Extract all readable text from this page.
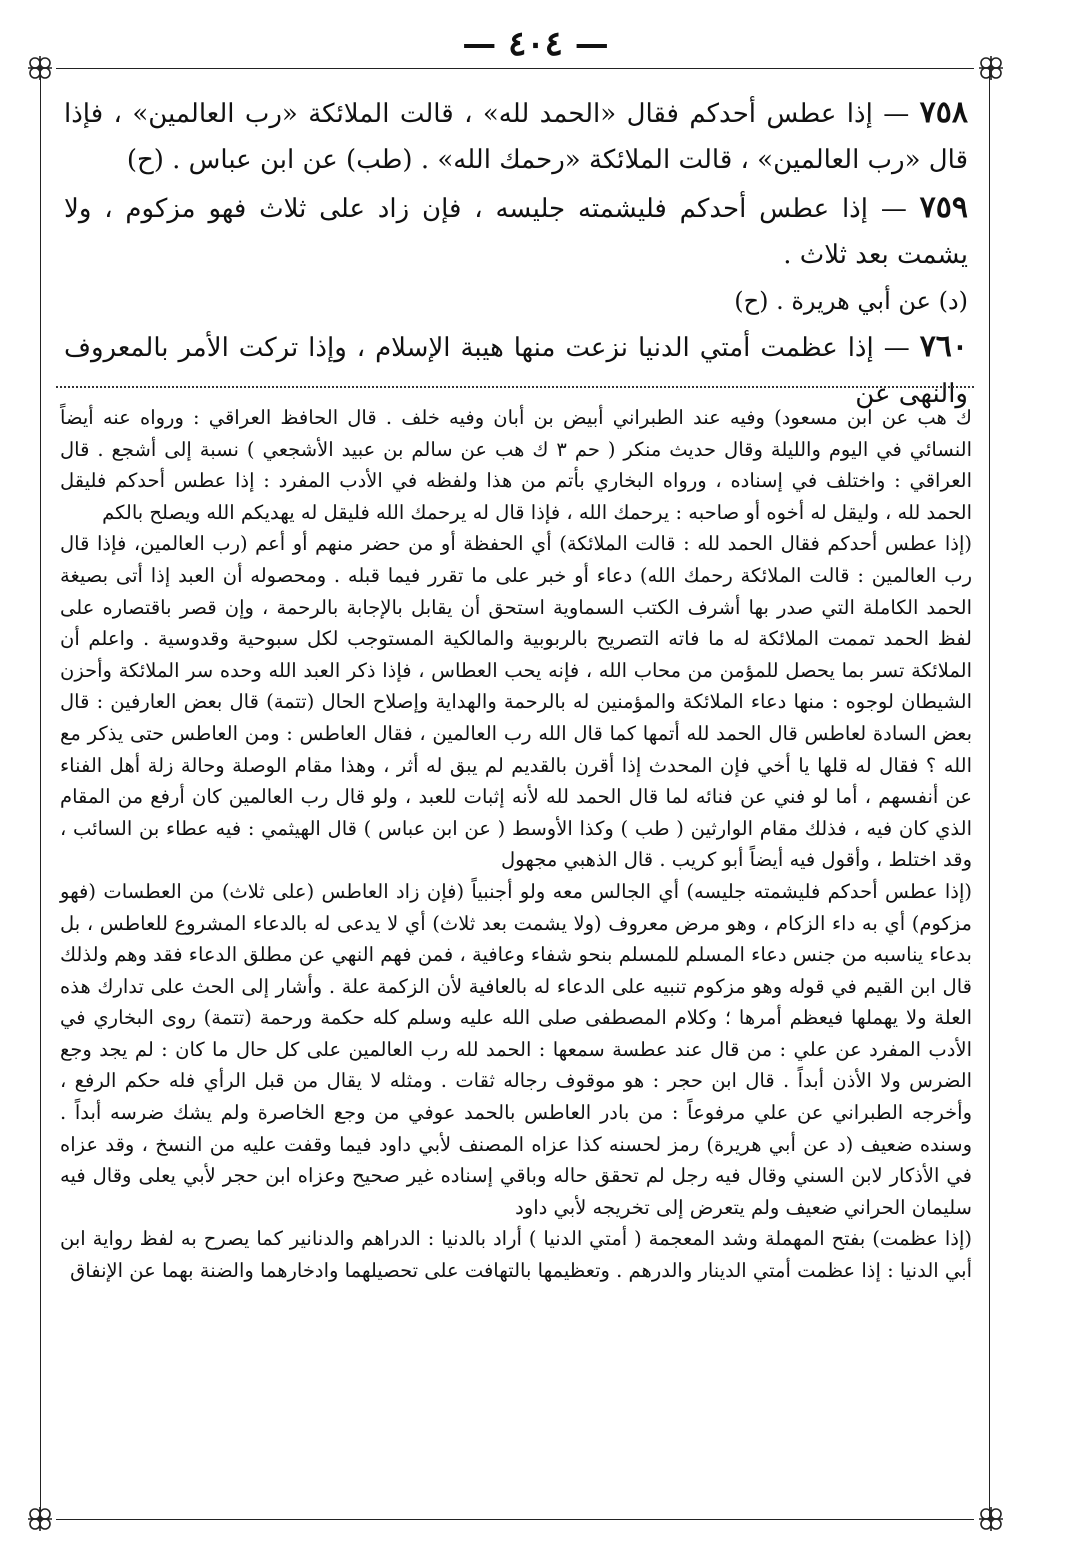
— ٤٠٤ —

٧٥٨ — إذا عطس أحدكم فقال «الحمد لله» ، قالت الملائكة «رب العالمين» ، فإذا قال «رب العالمين» ، قالت الملائكة «رحمك الله» . (طب) عن ابن عباس . (ح)

٧٥٩ — إذا عطس أحدكم فليشمته جليسه ، فإن زاد على ثلاث فهو مزكوم ، ولا يشمت بعد ثلاث .

(د) عن أبي هريرة . (ح)

٧٦٠ — إذا عظمت أمتي الدنيا نزعت منها هيبة الإسلام ، وإذا تركت الأمر بالمعروف والنهى عن

ك هب عن ابن مسعود) وفيه عند الطبراني أبيض بن أبان وفيه خلف . قال الحافظ العراقي : ورواه عنه أيضاً النسائي في اليوم والليلة وقال حديث منكر ( حم ٣ ك هب عن سالم بن عبيد الأشجعي ) نسبة إلى أشجع . قال العراقي : واختلف في إسناده ، ورواه البخاري بأتم من هذا ولفظه في الأدب المفرد : إذا عطس أحدكم فليقل الحمد لله ، وليقل له أخوه أو صاحبه : يرحمك الله ، فإذا قال له يرحمك الله فليقل له يهديكم الله ويصلح بالكم

(إذا عطس أحدكم فقال الحمد لله : قالت الملائكة) أي الحفظة أو من حضر منهم أو أعم (رب العالمين، فإذا قال رب العالمين : قالت الملائكة رحمك الله) دعاء أو خبر على ما تقرر فيما قبله . ومحصوله أن العبد إذا أتى بصيغة الحمد الكاملة التي صدر بها أشرف الكتب السماوية استحق أن يقابل بالإجابة بالرحمة ، وإن قصر باقتصاره على لفظ الحمد تممت الملائكة له ما فاته التصريح بالربوبية والمالكية المستوجب لكل سبوحية وقدوسية . واعلم أن الملائكة تسر بما يحصل للمؤمن من محاب الله ، فإنه يحب العطاس ، فإذا ذكر العبد الله وحده سر الملائكة وأحزن الشيطان لوجوه : منها دعاء الملائكة والمؤمنين له بالرحمة والهداية وإصلاح الحال (تتمة) قال بعض العارفين : قال بعض السادة لعاطس قال الحمد لله أتمها كما قال الله رب العالمين ، فقال العاطس : ومن العاطس حتى يذكر مع الله ؟ فقال له قلها يا أخي فإن المحدث إذا أقرن بالقديم لم يبق له أثر ، وهذا مقام الوصلة وحالة زلة أهل الفناء عن أنفسهم ، أما لو فني عن فنائه لما قال الحمد لله لأنه إثبات للعبد ، ولو قال رب العالمين كان أرفع من المقام الذي كان فيه ، فذلك مقام الوارثين ( طب ) وكذا الأوسط ( عن ابن عباس ) قال الهيثمي : فيه عطاء بن السائب ، وقد اختلط ، وأقول فيه أيضاً أبو كريب . قال الذهبي مجهول

(إذا عطس أحدكم فليشمته جليسه) أي الجالس معه ولو أجنبياً (فإن زاد العاطس (على ثلاث) من العطسات (فهو مزكوم) أي به داء الزكام ، وهو مرض معروف (ولا يشمت بعد ثلاث) أي لا يدعى له بالدعاء المشروع للعاطس ، بل بدعاء يناسبه من جنس دعاء المسلم للمسلم بنحو شفاء وعافية ، فمن فهم النهي عن مطلق الدعاء فقد وهم ولذلك قال ابن القيم في قوله وهو مزكوم تنبيه على الدعاء له بالعافية لأن الزكمة علة . وأشار إلى الحث على تدارك هذه العلة ولا يهملها فيعظم أمرها ؛ وكلام المصطفى صلى الله عليه وسلم كله حكمة ورحمة (تتمة) روى البخاري في الأدب المفرد عن علي : من قال عند عطسة سمعها : الحمد لله رب العالمين على كل حال ما كان : لم يجد وجع الضرس ولا الأذن أبداً . قال ابن حجر : هو موقوف رجاله ثقات . ومثله لا يقال من قبل الرأي فله حكم الرفع ، وأخرجه الطبراني عن علي مرفوعاً : من بادر العاطس بالحمد عوفي من وجع الخاصرة ولم يشك ضرسه أبداً . وسنده ضعيف (د عن أبي هريرة) رمز لحسنه كذا عزاه المصنف لأبي داود فيما وقفت عليه من النسخ ، وقد عزاه في الأذكار لابن السني وقال فيه رجل لم تحقق حاله وباقي إسناده غير صحيح وعزاه ابن حجر لأبي يعلى وقال فيه سليمان الحراني ضعيف ولم يتعرض إلى تخريجه لأبي داود

(إذا عظمت) بفتح المهملة وشد المعجمة ( أمتي الدنيا ) أراد بالدنيا : الدراهم والدنانير كما يصرح به لفظ رواية ابن أبي الدنيا : إذا عظمت أمتي الدينار والدرهم . وتعظيمها بالتهافت على تحصيلهما وادخارهما والضنة بهما عن الإنفاق
